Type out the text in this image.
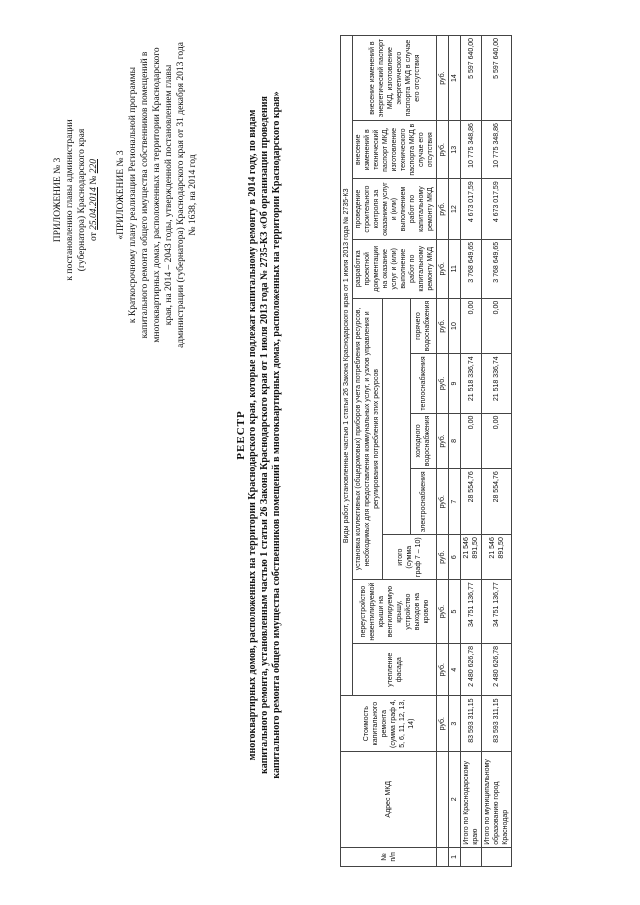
ПРИЛОЖЕНИЕ № 3 к постановлению главы администрации (губернатора) Краснодарского края от 25.04.2014 № 220 «ПРИЛОЖЕНИЕ № 3 к Краткосрочному плану реализации Региональной программы капитального ремонта общего имущества собственников помещений в многоквартирных домах, расположенных на территории Краснодарского края, на 2014 – 2043 годы, утвержденной постановлением главы администрации (губернатора) Краснодарского края от 31 декабря 2013 года № 1638, на 2014 год
РЕЕСТР многоквартирных домов, расположенных на территории Краснодарского края, которые подлежат капитальному ремонту в 2014 году, по видам капитального ремонта, установленным частью 1 статьи 26 Закона Краснодарского края от 1 июля 2013 года № 2735-КЗ «Об организации проведения капитального ремонта общего имущества собственников помещений в многоквартирных домах, расположенных на территории Краснодарского края»
№ п/п	Адрес МКД	Стоимость капитального ремонта (сумма граф 4, 5, 6, 11, 12, 13, 14)	Виды работ, установленные частью 1 статьи 26 Закона Краснодарского края от 1 июля 2013 года № 2735-КЗ										
			утепление фасада	переустройство невентилируемой крыши на вентилируемую крышу, устройство выходов на кровлю	установка коллективных (общедомовых) приборов учета потребления ресурсов, необходимых для предоставления коммунальных услуг, и узлов управления и регулирования потребления этих ресурсов					разработка проектной документации на оказание услуг и (или) выполнение работ по капитальному ремонту МКД	проведение строительного контроля за оказанием услуг и (или) выполнением работ по капитальному ремонту МКД	внесение изменений в технический паспорт МКД, изготовление технического паспорта МКД в случае его отсутствия	внесение изменений в энергетический паспорт МКД, изготовление энергетического паспорта МКД в случае его отсутствия
					итого (сумма граф 7 – 10)								
						электроснабжения	холодного водоснабжения	теплоснабжения	горячего водоснабжения				
		руб.	руб.	руб.	руб.	руб.	руб.	руб.	руб.	руб.	руб.	руб.	руб.
1	2	3	4	5	6	7	8	9	10	11	12	13	14
	Итого по Краснодарскому краю	83 593 311,15	2 480 626,78	34 751 136,77	21 546 891,50	28 554,76	0,00	21 518 336,74	0,00	3 768 649,65	4 673 017,59	10 775 348,86	5 597 640,00
	Итого по муниципальному образованию город Краснодар	83 593 311,15	2 480 626,78	34 751 136,77	21 546 891,50	28 554,76	0,00	21 518 336,74	0,00	3 768 649,65	4 673 017,59	10 775 348,86	5 597 640,00
